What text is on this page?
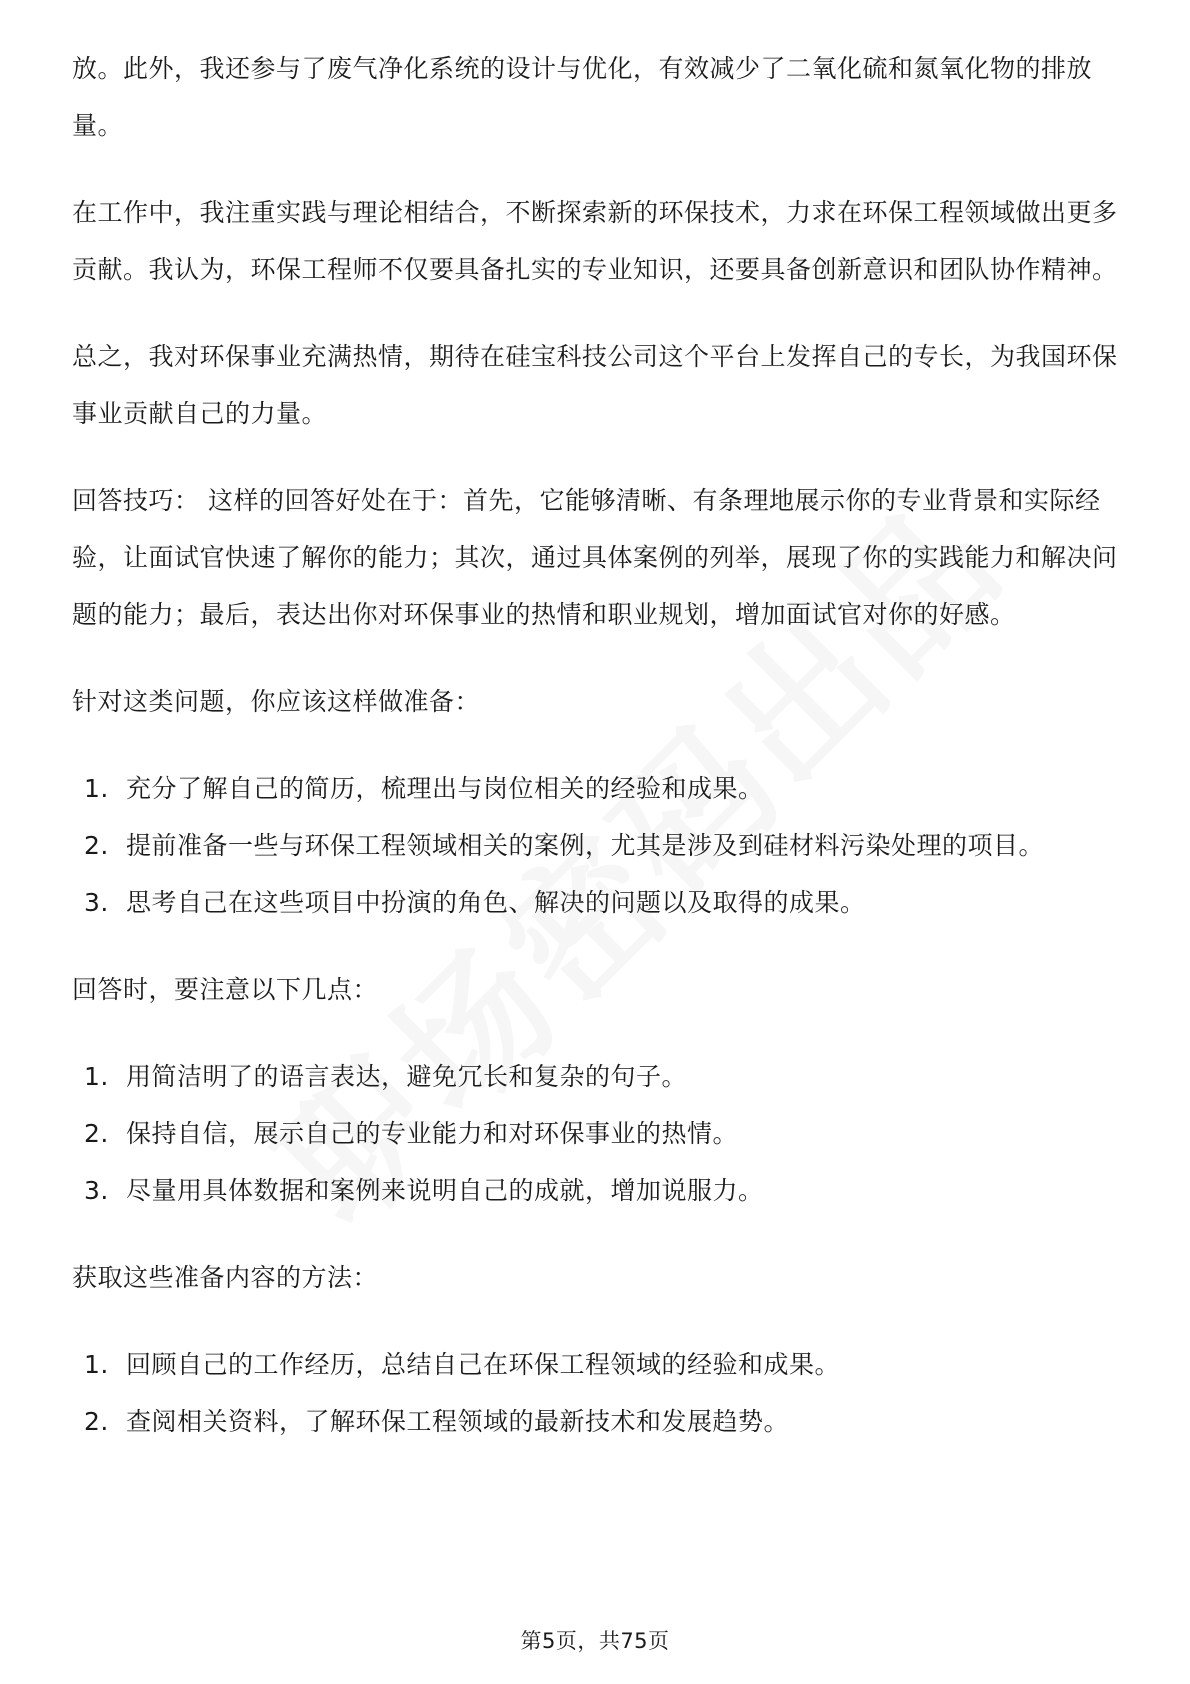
放。此外，我还参与了废气净化系统的设计与优化，有效减少了二氧化硫和氮氧化物的排放量。

在工作中，我注重实践与理论相结合，不断探索新的环保技术，力求在环保工程领域做出更多贡献。我认为，环保工程师不仅要具备扎实的专业知识，还要具备创新意识和团队协作精神。

总之，我对环保事业充满热情，期待在硅宝科技公司这个平台上发挥自己的专长，为我国环保事业贡献自己的力量。

回答技巧： 这样的回答好处在于：首先，它能够清晰、有条理地展示你的专业背景和实际经验，让面试官快速了解你的能力；其次，通过具体案例的列举，展现了你的实践能力和解决问题的能力；最后，表达出你对环保事业的热情和职业规划，增加面试官对你的好感。

针对这类问题，你应该这样做准备：

1. 充分了解自己的简历，梳理出与岗位相关的经验和成果。
2. 提前准备一些与环保工程领域相关的案例，尤其是涉及到硅材料污染处理的项目。
3. 思考自己在这些项目中扮演的角色、解决的问题以及取得的成果。

回答时，要注意以下几点：

1. 用简洁明了的语言表达，避免冗长和复杂的句子。
2. 保持自信，展示自己的专业能力和对环保事业的热情。
3. 尽量用具体数据和案例来说明自己的成就，增加说服力。

获取这些准备内容的方法：

1. 回顾自己的工作经历，总结自己在环保工程领域的经验和成果。
2. 查阅相关资料，了解环保工程领域的最新技术和发展趋势。
第5页，共75页
